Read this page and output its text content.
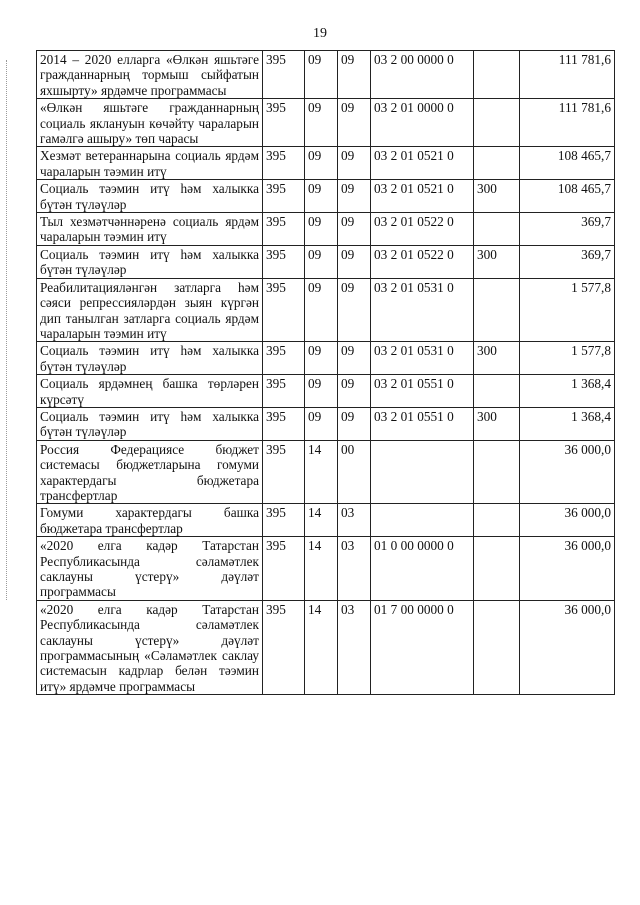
19
2014 – 2020 елларга «Өлкән яшьтәге гражданнарның тормыш сыйфатын яхшырту» ярдәмче программасы	395	09	09	03 2 00 0000 0		111 781,6
«Өлкән яшьтәге гражданнарның социаль яклануын көчәйту чараларын гамәлгә ашыру» төп чарасы	395	09	09	03 2 01 0000 0		111 781,6
Хезмәт ветераннарына социаль ярдәм чараларын тәэмин итү	395	09	09	03 2 01 0521 0		108 465,7
Социаль тәэмин итү һәм халыкка бүтән түләүләр	395	09	09	03 2 01 0521 0	300	108 465,7
Тыл хезмәтчәннәренә социаль ярдәм чараларын тәэмин итү	395	09	09	03 2 01 0522 0		369,7
Социаль тәэмин итү һәм халыкка бүтән түләүләр	395	09	09	03 2 01 0522 0	300	369,7
Реабилитацияләнгән затларга һәм сәяси репрессияләрдән зыян күргән дип танылган затларга социаль ярдәм чараларын тәэмин итү	395	09	09	03 2 01 0531 0		1 577,8
Социаль тәэмин итү һәм халыкка бүтән түләүләр	395	09	09	03 2 01 0531 0	300	1 577,8
Социаль ярдәмнең башка төрләрен күрсәтү	395	09	09	03 2 01 0551 0		1 368,4
Социаль тәэмин итү һәм халыкка бүтән түләүләр	395	09	09	03 2 01 0551 0	300	1 368,4
Россия Федерациясе бюджет системасы бюджетларына гомуми характердагы бюджетара трансфертлар	395	14	00			36 000,0
Гомуми характердагы башка бюджетара трансфертлар	395	14	03			36 000,0
«2020 елга кадәр Татарстан Республикасында сәламәтлек саклауны үстерү» дәүләт программасы	395	14	03	01 0 00 0000 0		36 000,0
«2020 елга кадәр Татарстан Республикасында сәламәтлек саклауны үстерү» дәүләт программасының «Сәламәтлек саклау системасын кадрлар белән тәэмин итү» ярдәмче программасы	395	14	03	01 7 00 0000 0		36 000,0
